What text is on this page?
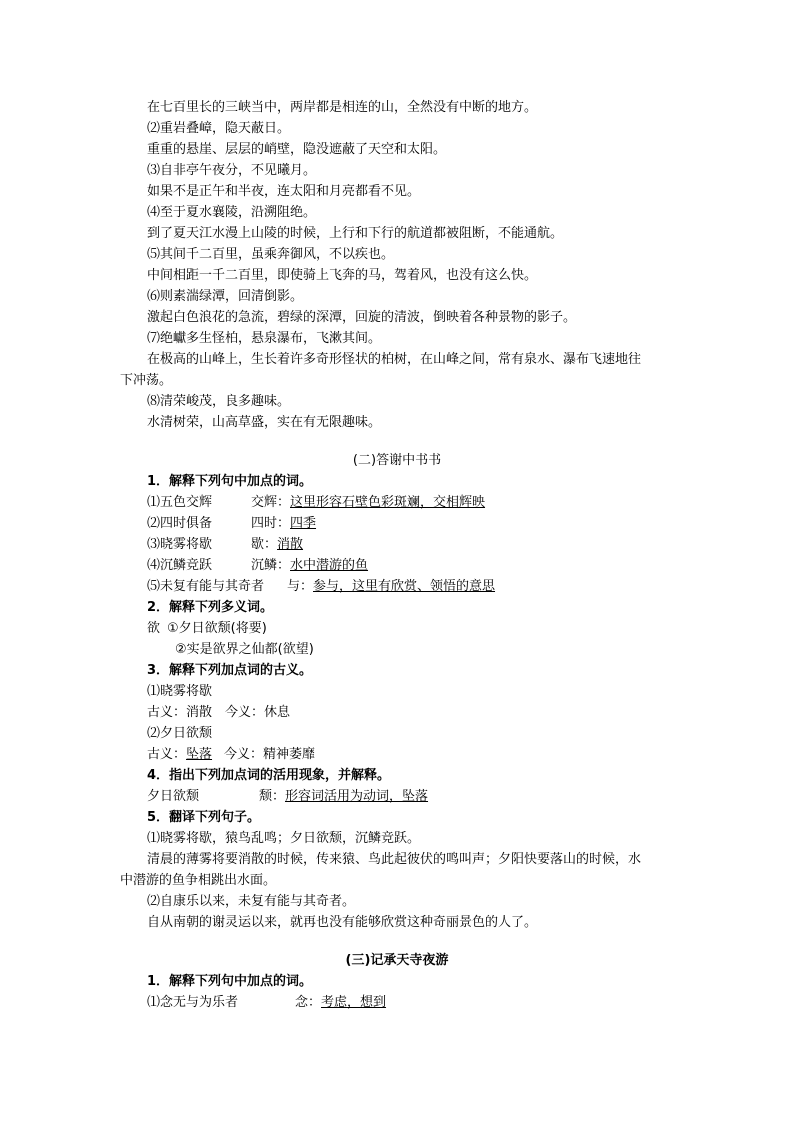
在七百里长的三峡当中，两岸都是相连的山，全然没有中断的地方。
⑵重岩叠嶂，隐天蔽日。
重重的悬崖、层层的峭壁，隐没遮蔽了天空和太阳。
⑶自非亭午夜分，不见曦月。
如果不是正午和半夜，连太阳和月亮都看不见。
⑷至于夏水襄陵，沿溯阻绝。
到了夏天江水漫上山陵的时候，上行和下行的航道都被阻断，不能通航。
⑸其间千二百里，虽乘奔御风，不以疾也。
中间相距一千二百里，即使骑上飞奔的马，驾着风，也没有这么快。
⑹则素湍绿潭，回清倒影。
激起白色浪花的急流，碧绿的深潭，回旋的清波，倒映着各种景物的影子。
⑺绝巘多生怪柏，悬泉瀑布，飞漱其间。
在极高的山峰上，生长着许多奇形怪状的柏树，在山峰之间，常有泉水、瀑布飞速地往
下冲荡。
⑻清荣峻茂，良多趣味。
水清树荣，山高草盛，实在有无限趣味。
(二)答谢中书书
1．解释下列句中加点的词。
⑴五色交辉	交辉：这里形容石壁色彩斑斓，交相辉映
⑵四时俱备	四时：四季
⑶晓雾将歇	歇：消散
⑷沉鳞竞跃	沉鳞：水中潜游的鱼
⑸未复有能与其奇者 与：参与，这里有欣赏、领悟的意思
2．解释下列多义词。
欲 ①夕日欲颓(将要)
②实是欲界之仙都(欲望)
3．解释下列加点词的古义。
⑴晓雾将歇
古义：消散　今义：休息
⑵夕日欲颓
古义：坠落 今义：精神萎靡
4．指出下列加点词的活用现象，并解释。
夕日欲颓	颓：形容词活用为动词，坠落
5．翻译下列句子。
⑴晓雾将歇，猿鸟乱鸣；夕日欲颓，沉鳞竞跃。
清晨的薄雾将要消散的时候，传来猿、鸟此起彼伏的鸣叫声；夕阳快要落山的时候，水
中潜游的鱼争相跳出水面。
⑵自康乐以来，未复有能与其奇者。
自从南朝的谢灵运以来，就再也没有能够欣赏这种奇丽景色的人了。
(三)记承天寺夜游
1．解释下列句中加点的词。
⑴念无与为乐者	念：考虑，想到
